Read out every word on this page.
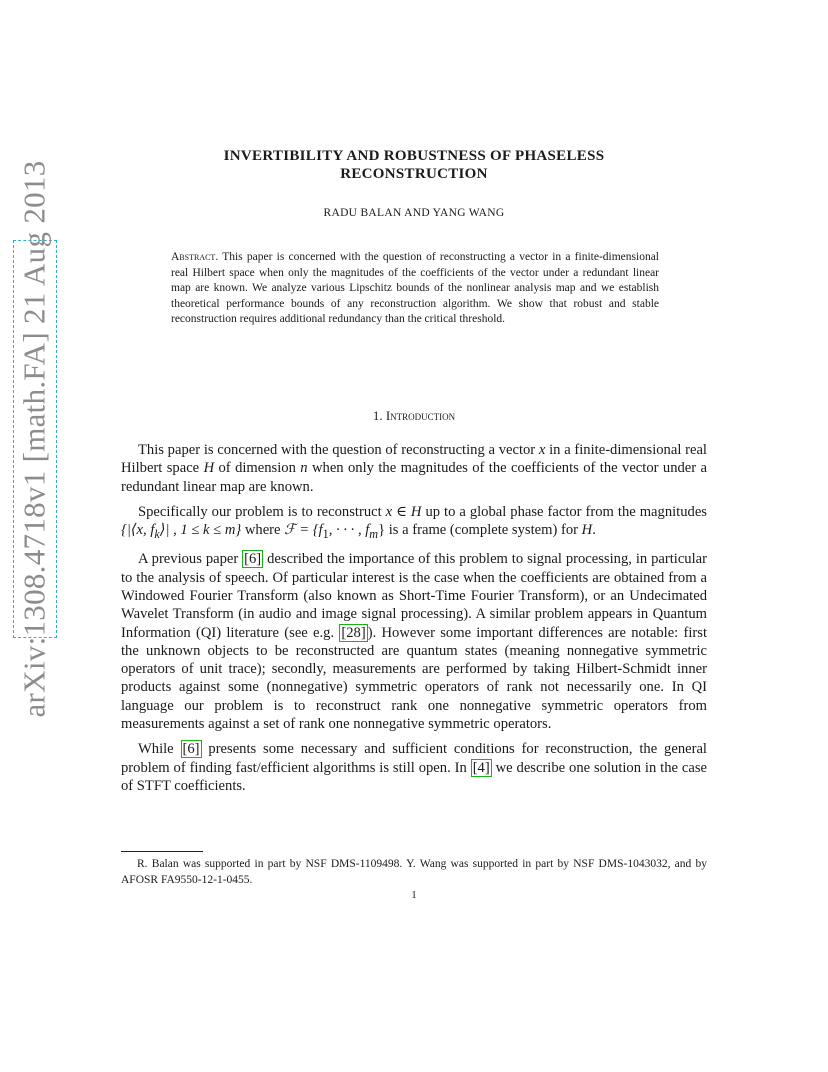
arXiv:1308.4718v1 [math.FA] 21 Aug 2013
INVERTIBILITY AND ROBUSTNESS OF PHASELESS
RECONSTRUCTION
RADU BALAN AND YANG WANG
Abstract. This paper is concerned with the question of reconstructing a vector in a finite-dimensional real Hilbert space when only the magnitudes of the coefficients of the vector under a redundant linear map are known. We analyze various Lipschitz bounds of the nonlinear analysis map and we establish theoretical performance bounds of any reconstruction algorithm. We show that robust and stable reconstruction requires additional redundancy than the critical threshold.
1. Introduction

This paper is concerned with the question of reconstructing a vector x in a finite-dimensional real Hilbert space H of dimension n when only the magnitudes of the coefficients of the vector under a redundant linear map are known.

Specifically our problem is to reconstruct x ∈ H up to a global phase factor from the magnitudes {|⟨x, $f_k⟩|$ , 1 ≤ k ≤ m} where ℱ = {$f_1$, · · · , $f_m$} is a frame (complete system) for H.

A previous paper [6] described the importance of this problem to signal processing, in particular to the analysis of speech. Of particular interest is the case when the coefficients are obtained from a Windowed Fourier Transform (also known as Short-Time Fourier Transform), or an Undecimated Wavelet Transform (in audio and image signal processing). A similar problem appears in Quantum Information (QI) literature (see e.g. [28] ). However some important differences are notable: first the unknown objects to be reconstructed are quantum states (meaning nonnegative symmetric operators of unit trace); secondly, measurements are performed by taking Hilbert-Schmidt inner products against some (nonnegative) symmetric operators of rank not necessarily one. In QI language our problem is to reconstruct rank one nonnegative symmetric operators from measurements against a set of rank one nonnegative symmetric operators.

While [6] presents some necessary and sufficient conditions for reconstruction, the general problem of finding fast/efficient algorithms is still open. In [4] we describe one solution in the case of STFT coefficients.

R. Balan was supported in part by NSF DMS-1109498. Y. Wang was supported in part by NSF DMS-1043032, and by AFOSR FA9550-12-1-0455.

1
